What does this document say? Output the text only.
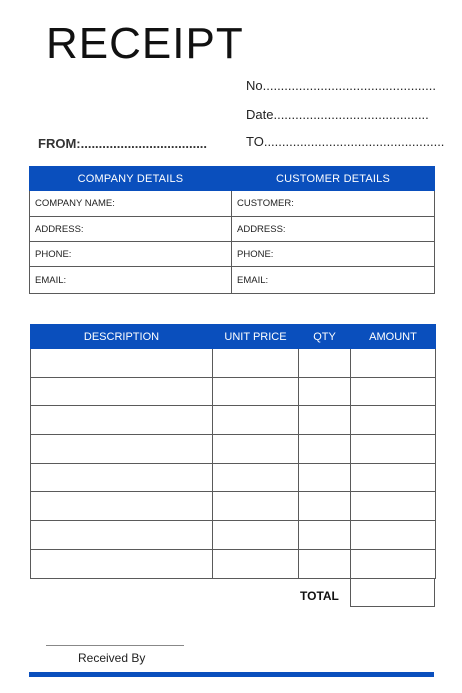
RECEIPT
No................................................
Date...........................................
FROM:...................................	TO..................................................
COMPANY DETAILS	CUSTOMER DETAILS
COMPANY NAME:	CUSTOMER:
ADDRESS:	ADDRESS:
PHONE:	PHONE:
EMAIL:	EMAIL:
DESCRIPTION	UNIT PRICE	QTY	AMOUNT

TOTAL
Received By
